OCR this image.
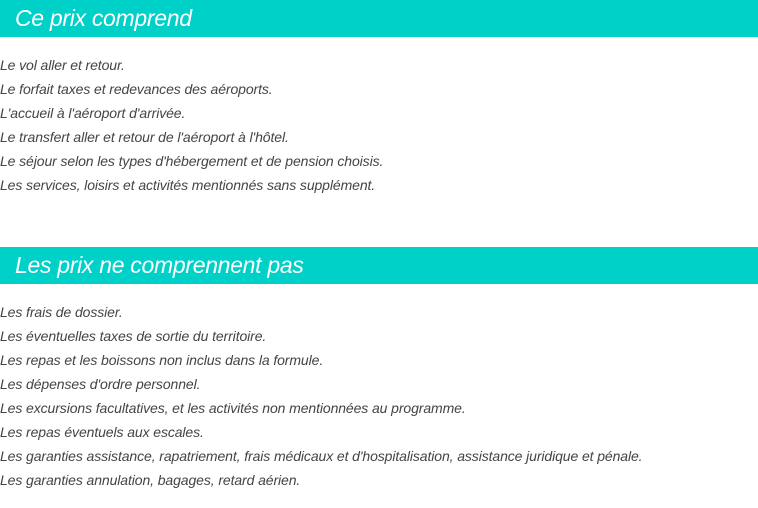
Ce prix comprend
Le vol aller et retour.
Le forfait taxes et redevances des aéroports.
L'accueil à l'aéroport d'arrivée.
Le transfert aller et retour de l'aéroport à l'hôtel.
Le séjour selon les types d'hébergement et de pension choisis.
Les services, loisirs et activités mentionnés sans supplément.
Les prix ne comprennent pas
Les frais de dossier.
Les éventuelles taxes de sortie du territoire.
Les repas et les boissons non inclus dans la formule.
Les dépenses d'ordre personnel.
Les excursions facultatives, et les activités non mentionnées au programme.
Les repas éventuels aux escales.
Les garanties assistance, rapatriement, frais médicaux et d'hospitalisation, assistance juridique et pénale.
Les garanties annulation, bagages, retard aérien.
